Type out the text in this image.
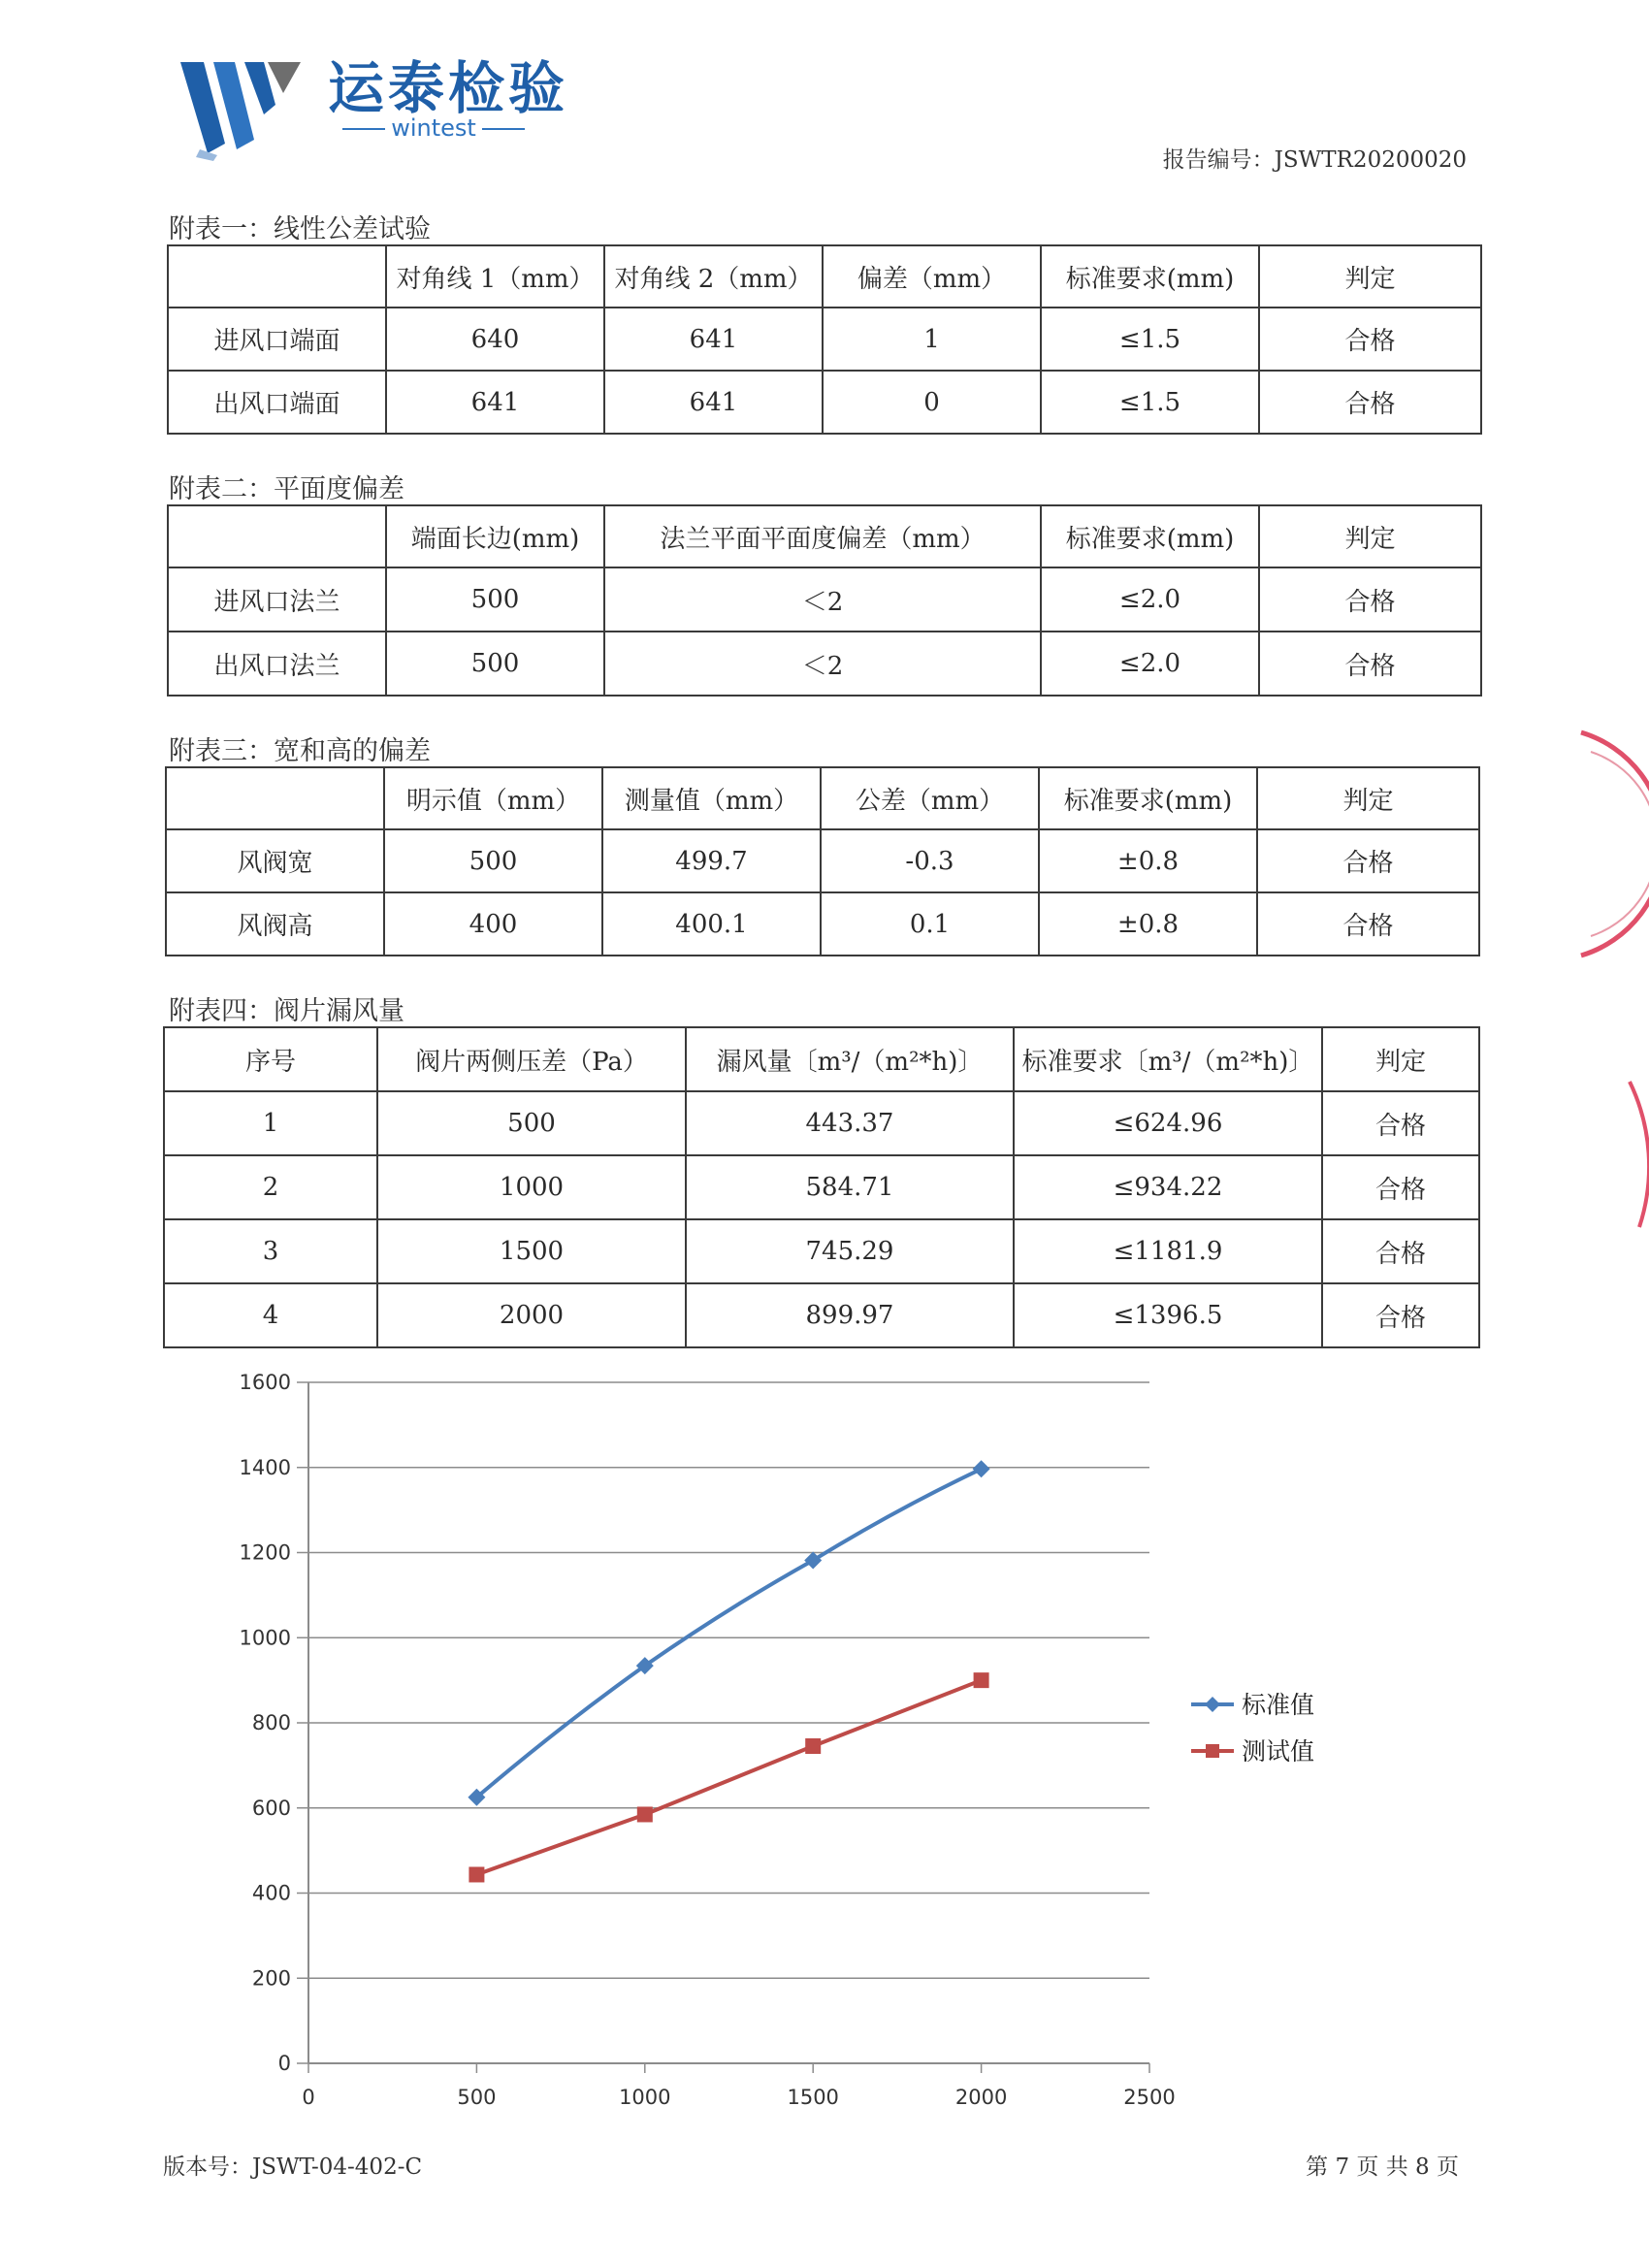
运泰检验
wintest
报告编号：JSWTR20200020
附表一：线性公差试验
	对角线 1（mm）	对角线 2（mm）	偏差（mm）	标准要求(mm)	判定
进风口端面	640	641	1	≤1.5	合格
出风口端面	641	641	0	≤1.5	合格
附表二：平面度偏差
	端面长边(mm)	法兰平面平面度偏差（mm）	标准要求(mm)	判定
进风口法兰	500	＜2	≤2.0	合格
出风口法兰	500	＜2	≤2.0	合格
附表三：宽和高的偏差
	明示值（mm）	测量值（mm）	公差（mm）	标准要求(mm)	判定
风阀宽	500	499.7	-0.3	±0.8	合格
风阀高	400	400.1	0.1	±0.8	合格
附表四：阀片漏风量
序号	阀片两侧压差（Pa）	漏风量〔m³/（m²*h)〕	标准要求〔m³/（m²*h)〕	判定
1	500	443.37	≤624.96	合格
2	1000	584.71	≤934.22	合格
3	1500	745.29	≤1181.9	合格
4	2000	899.97	≤1396.5	合格
0
200
400
600
800
1000
1200
1400
1600
0	500	1000	1500	2000	2500
标准值
测试值
版本号：JSWT-04-402-C	第 7 页 共 8 页
